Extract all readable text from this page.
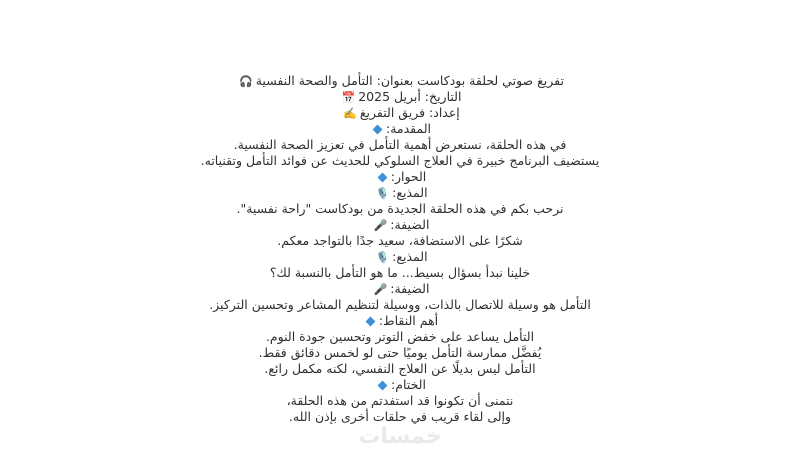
تفريغ صوتي لحلقة بودكاست بعنوان: التأمل والصحة النفسية🎧
التاريخ: أبريل 2025📅
إعداد: فريق التفريغ✍️
المقدمة:
في هذه الحلقة، نستعرض أهمية التأمل في تعزيز الصحة النفسية.
يستضيف البرنامج خبيرة في العلاج السلوكي للحديث عن فوائد التأمل وتقنياته.
الحوار:
المذيع:🎙️
نرحب بكم في هذه الحلقة الجديدة من بودكاست "راحة نفسية".
الضيفة:🎤
شكرًا على الاستضافة، سعيد جدًا بالتواجد معكم.
المذيع:🎙️
خلينا نبدأ بسؤال بسيط... ما هو التأمل بالنسبة لك؟
الضيفة:🎤
التأمل هو وسيلة للاتصال بالذات، ووسيلة لتنظيم المشاعر وتحسين التركيز.
أهم النقاط:
التأمل يساعد على خفض التوتر وتحسين جودة النوم.
يُفضَّل ممارسة التأمل يوميًا حتى لو لخمس دقائق فقط.
التأمل ليس بديلًا عن العلاج النفسي، لكنه مكمل رائع.
الختام:
نتمنى أن تكونوا قد استفدتم من هذه الحلقة،
وإلى لقاء قريب في حلقات أخرى بإذن الله.
خمسات
